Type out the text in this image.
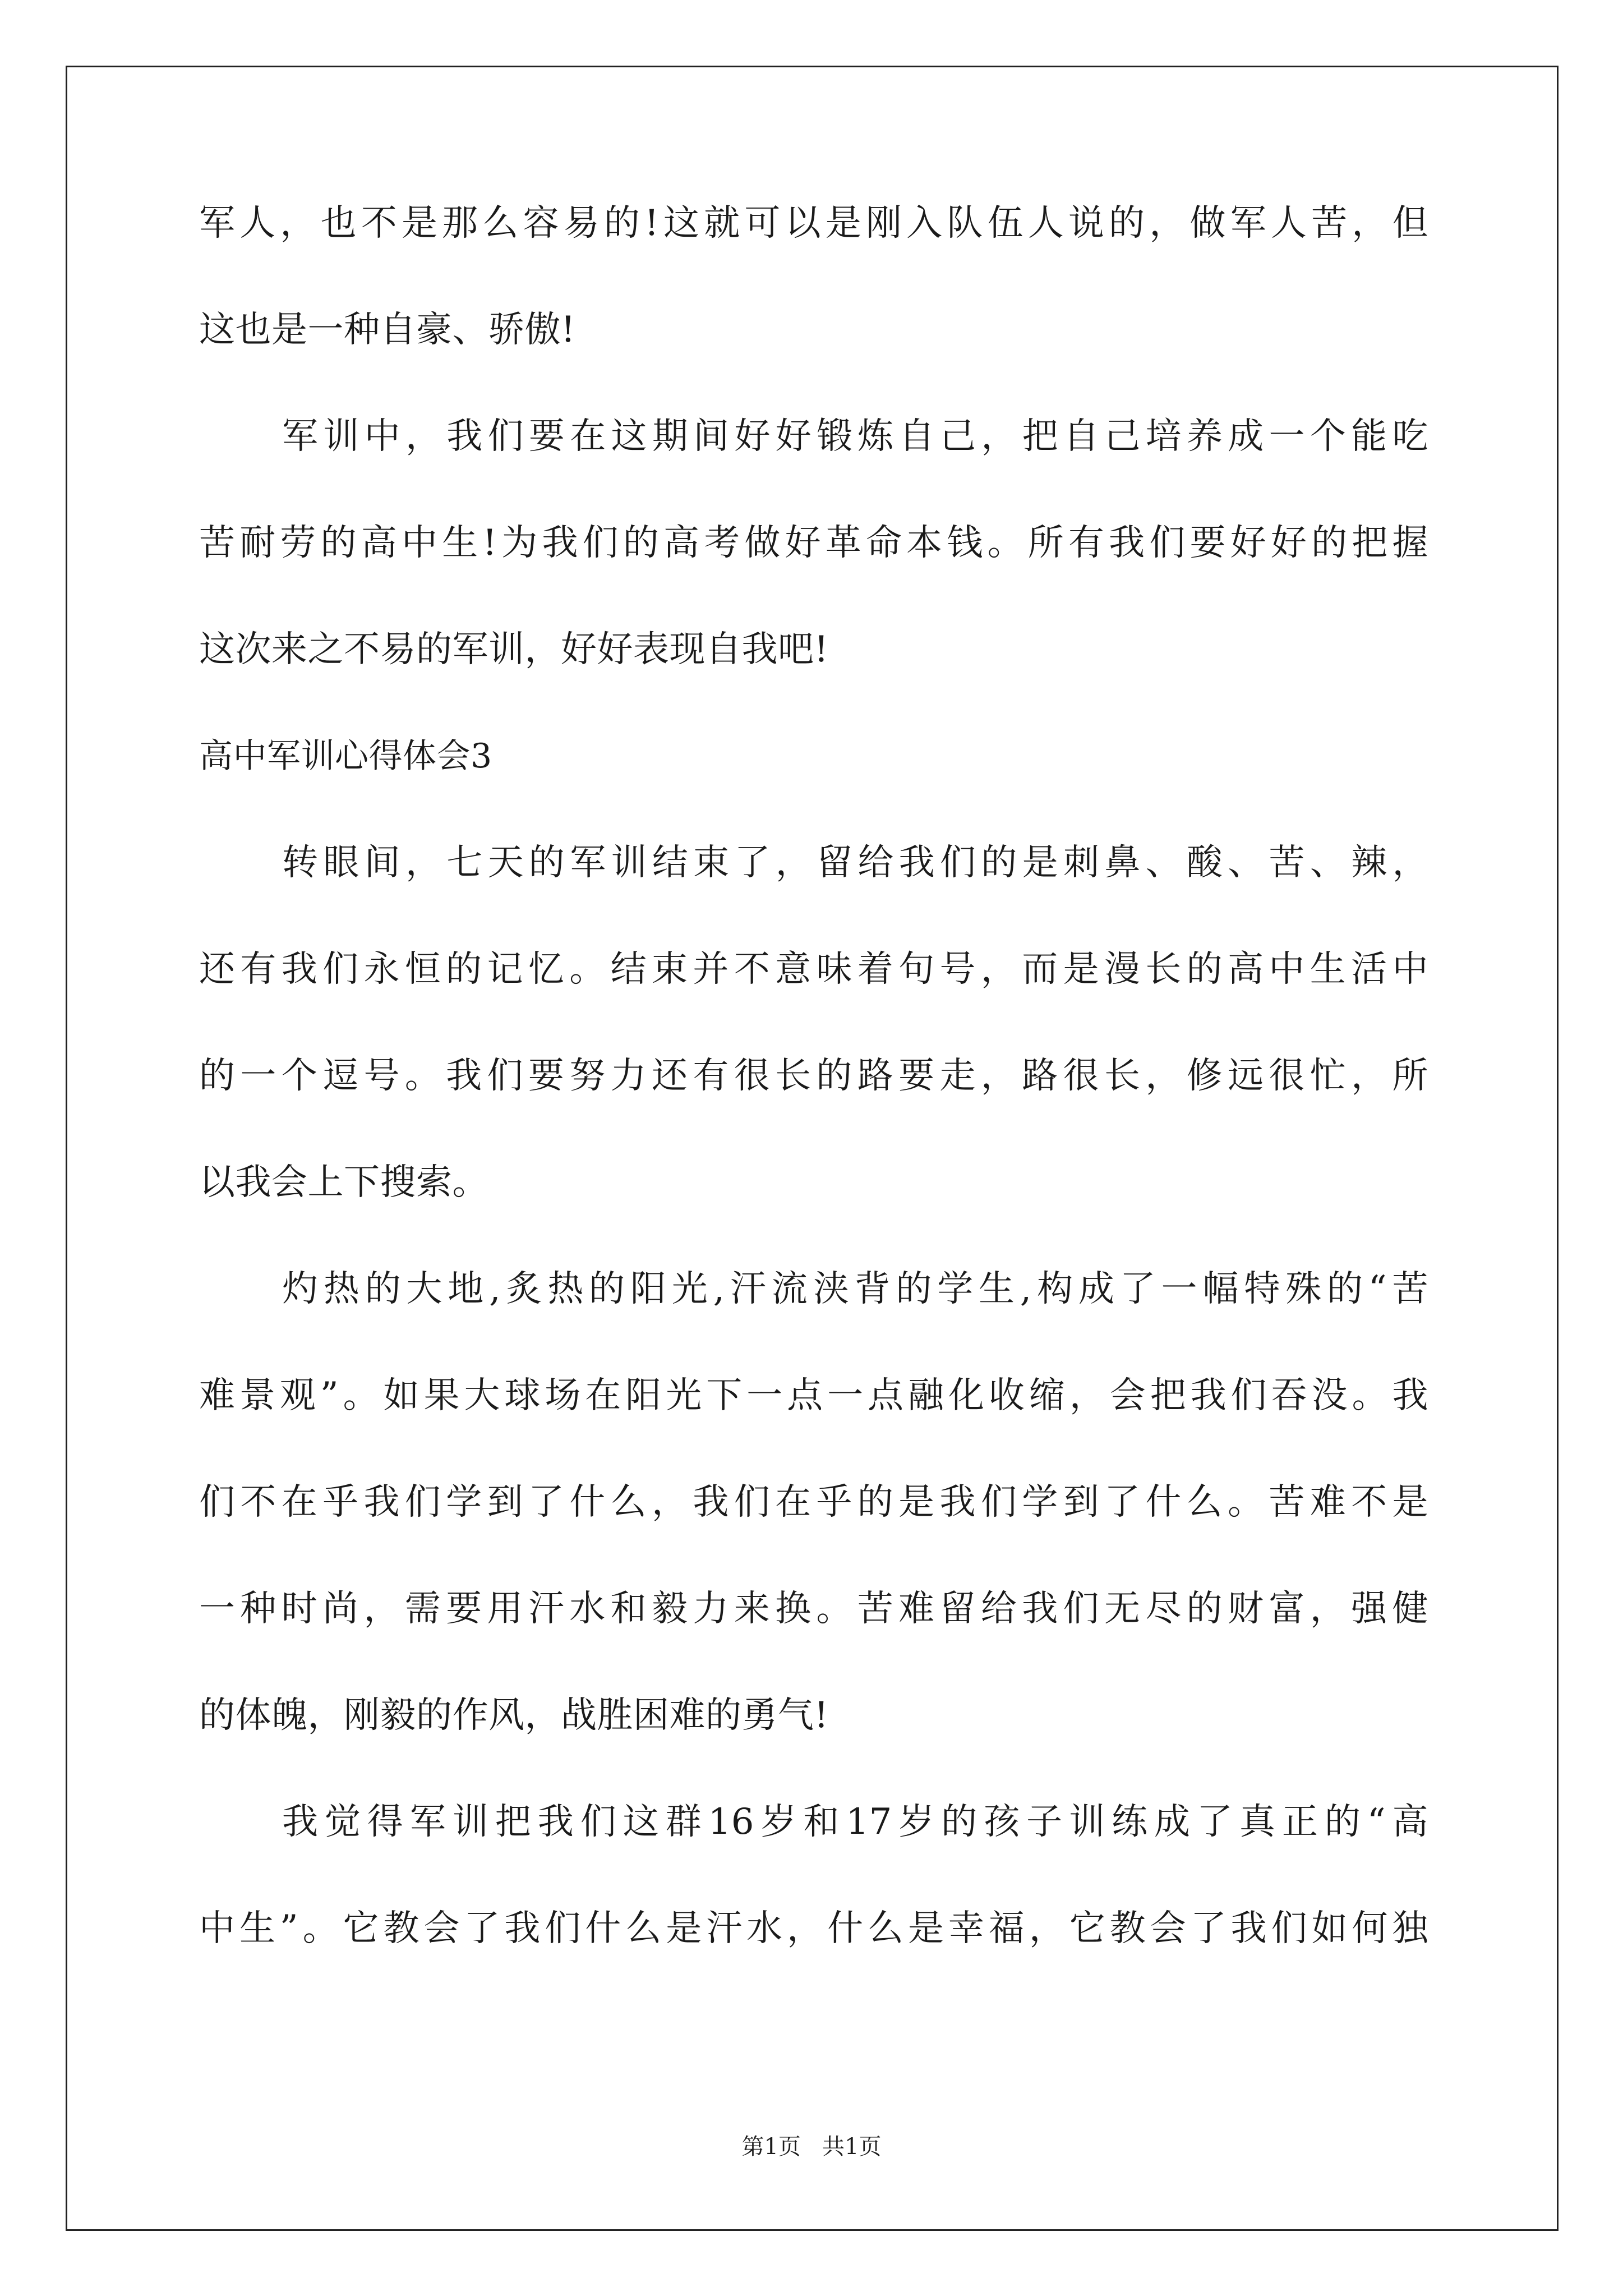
军人，也不是那么容易的!这就可以是刚入队伍人说的，做军人苦，但
这也是一种自豪、骄傲!
军训中，我们要在这期间好好锻炼自己，把自己培养成一个能吃
苦耐劳的高中生!为我们的高考做好革命本钱。所有我们要好好的把握
这次来之不易的军训，好好表现自我吧!
高中军训心得体会3
转眼间，七天的军训结束了，留给我们的是刺鼻、酸、苦、辣，
还有我们永恒的记忆。结束并不意味着句号，而是漫长的高中生活中
的一个逗号。我们要努力还有很长的路要走，路很长，修远很忙，所
以我会上下搜索。
灼热的大地,炙热的阳光,汗流浃背的学生,构成了一幅特殊的“苦
难景观”。如果大球场在阳光下一点一点融化收缩，会把我们吞没。我
们不在乎我们学到了什么，我们在乎的是我们学到了什么。苦难不是
一种时尚，需要用汗水和毅力来换。苦难留给我们无尽的财富，强健
的体魄，刚毅的作风，战胜困难的勇气!
我觉得军训把我们这群16岁和17岁的孩子训练成了真正的“高
中生”。它教会了我们什么是汗水，什么是幸福，它教会了我们如何独
第1页   共1页
